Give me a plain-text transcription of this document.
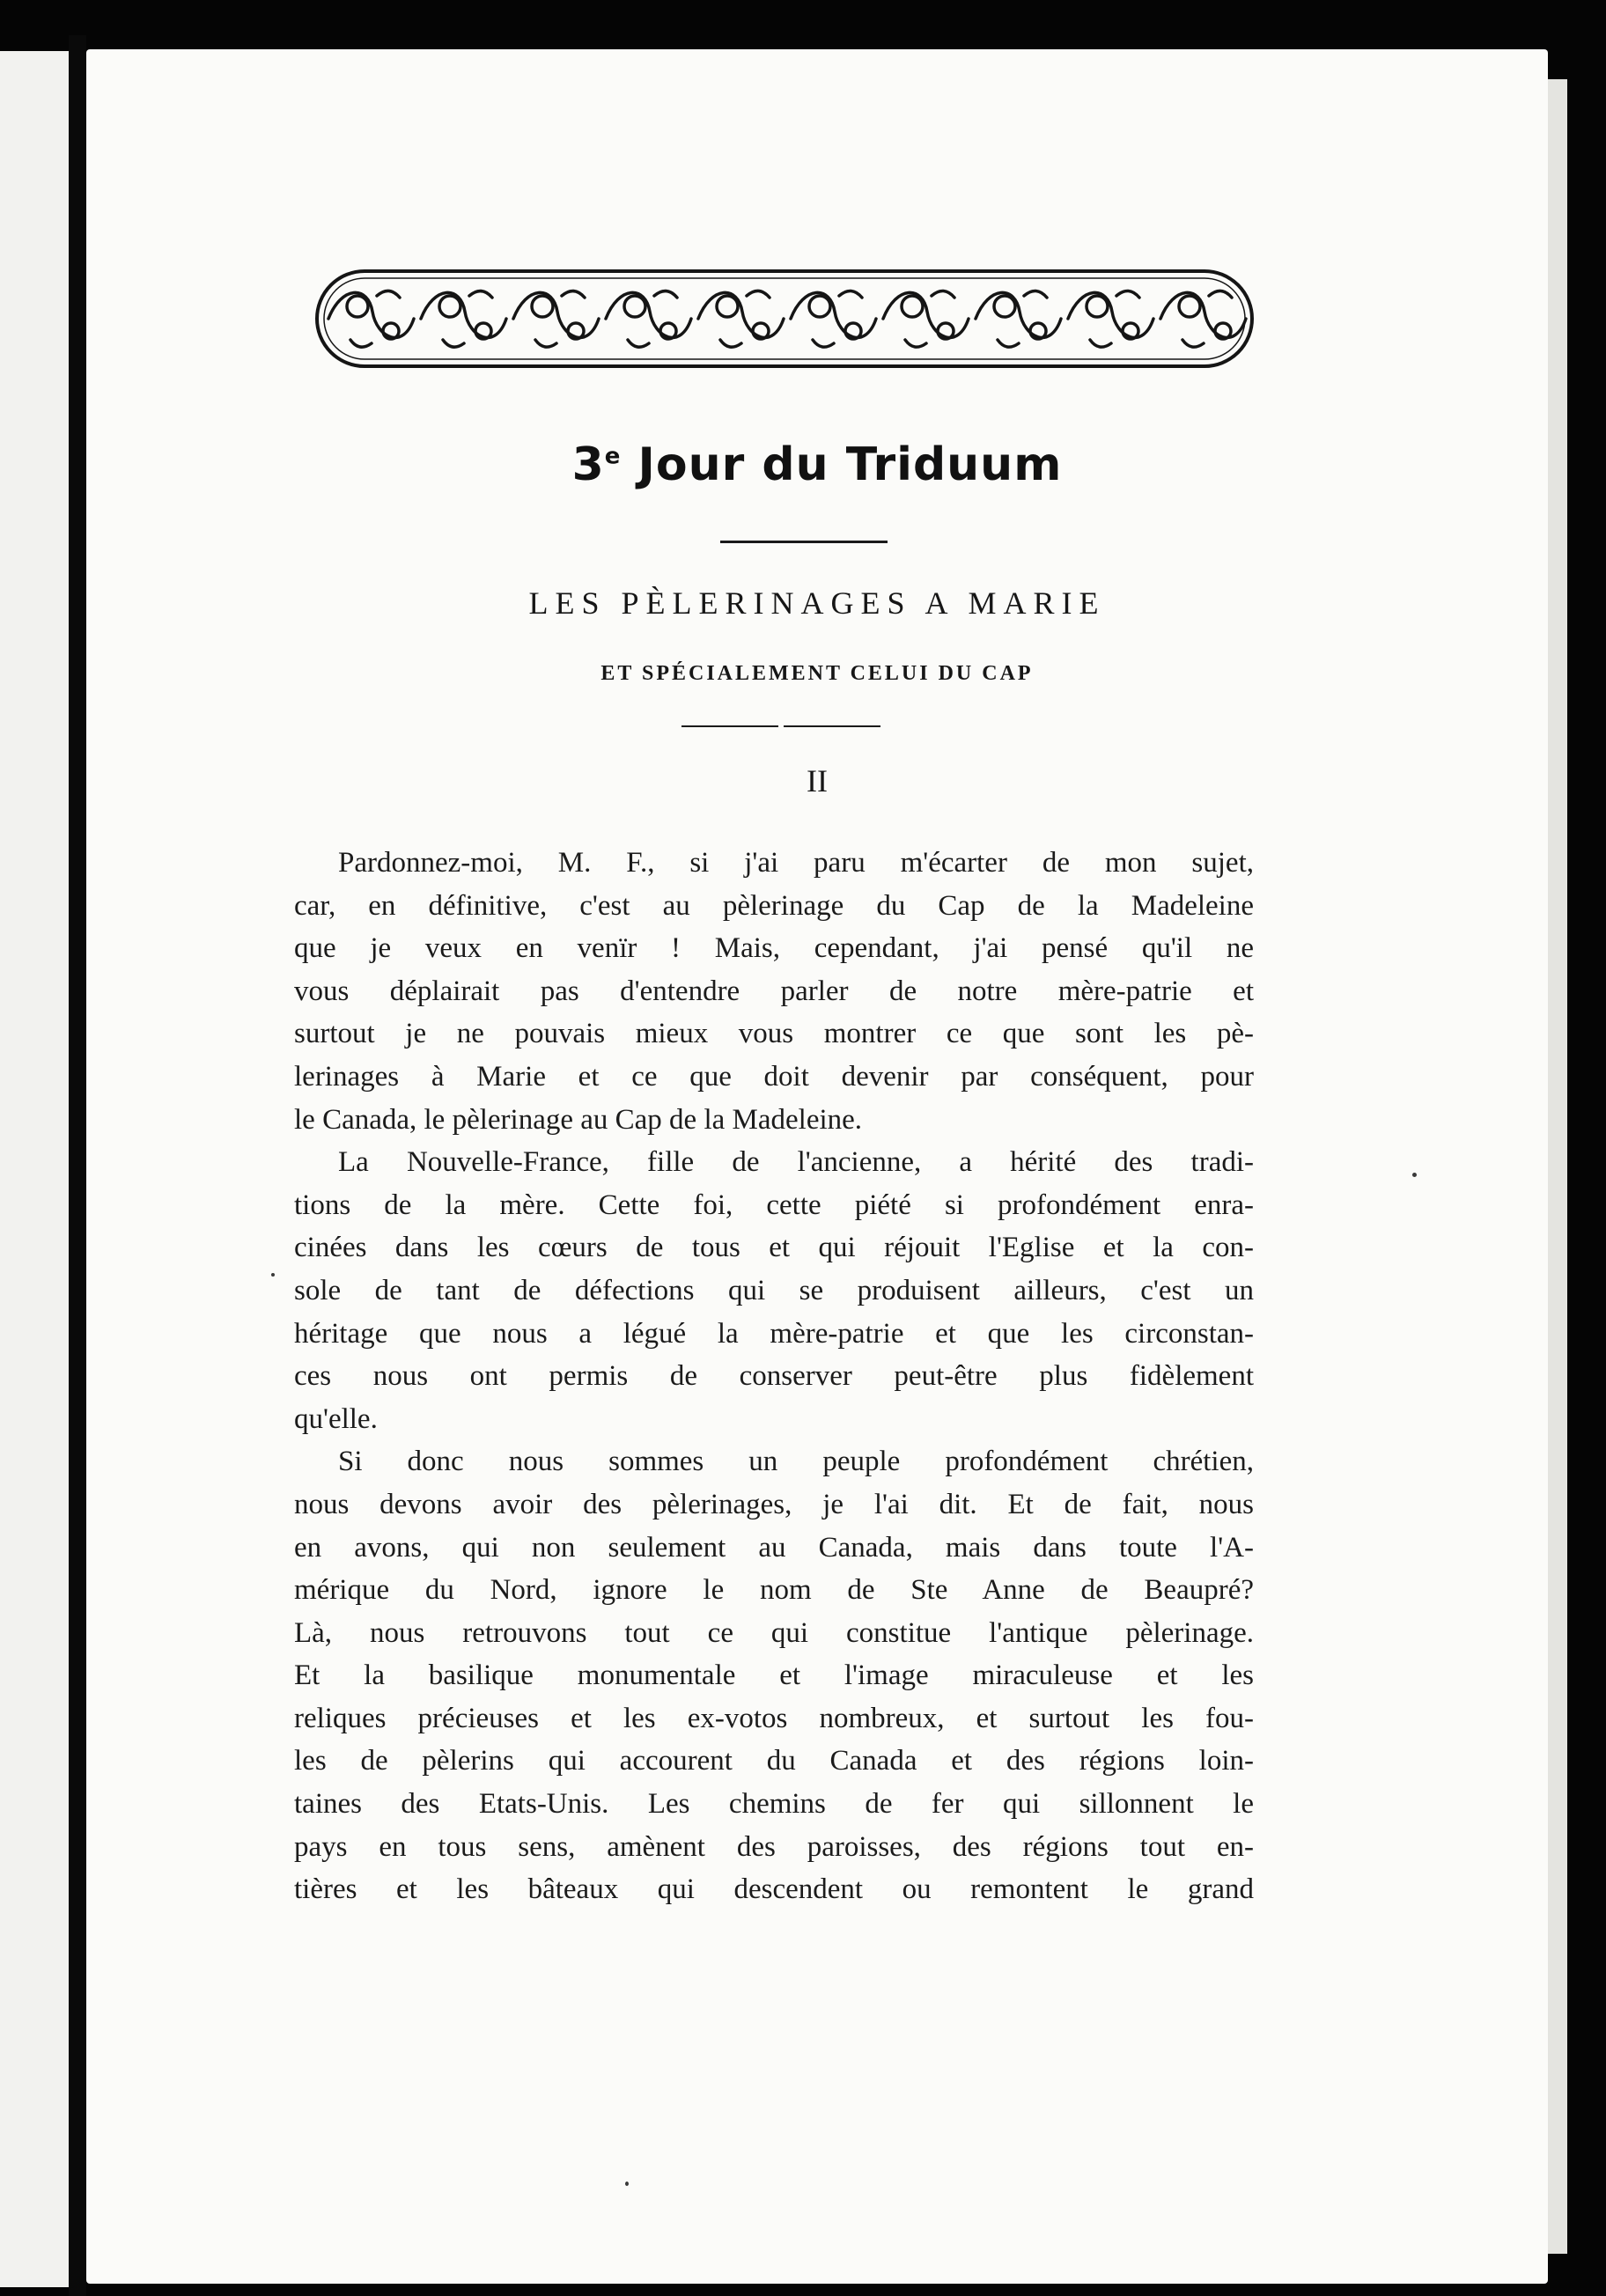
3e Jour du Triduum
LES PÈLERINAGES A MARIE
ET SPÉCIALEMENT CELUI DU CAP
II
Pardonnez-moi, M. F., si j'ai paru m'écarter de mon sujet,
car, en définitive, c'est au pèlerinage du Cap de la Madeleine
que je veux en venïr ! Mais, cependant, j'ai pensé qu'il ne
vous déplairait pas d'entendre parler de notre mère-patrie et
surtout je ne pouvais mieux vous montrer ce que sont les pè-
lerinages à Marie et ce que doit devenir par conséquent, pour
le Canada, le pèlerinage au Cap de la Madeleine.
La Nouvelle-France, fille de l'ancienne, a hérité des tradi-
tions de la mère. Cette foi, cette piété si profondément enra-
cinées dans les cœurs de tous et qui réjouit l'Eglise et la con-
sole de tant de défections qui se produisent ailleurs, c'est un
héritage que nous a légué la mère-patrie et que les circonstan-
ces nous ont permis de conserver peut-être plus fidèlement
qu'elle.
Si donc nous sommes un peuple profondément chrétien,
nous devons avoir des pèlerinages, je l'ai dit. Et de fait, nous
en avons, qui non seulement au Canada, mais dans toute l'A-
mérique du Nord, ignore le nom de Ste Anne de Beaupré?
Là, nous retrouvons tout ce qui constitue l'antique pèlerinage.
Et la basilique monumentale et l'image miraculeuse et les
reliques précieuses et les ex-votos nombreux, et surtout les fou-
les de pèlerins qui accourent du Canada et des régions loin-
taines des Etats-Unis. Les chemins de fer qui sillonnent le
pays en tous sens, amènent des paroisses, des régions tout en-
tières et les bâteaux qui descendent ou remontent le grand
